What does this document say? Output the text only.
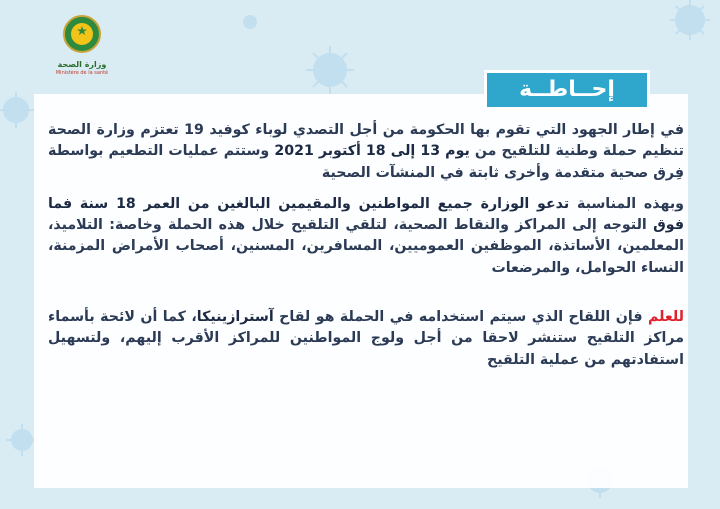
وزارة الصحة
Ministère de la santé
إحــاطــة

في إطار الجهود التي تقوم بها الحكومة من أجل التصدي لوباء كوفيد 19 تعتزم وزارة الصحة تنظيم حملة وطنية للتلقيح من يوم 13 إلى 18 أكتوبر 2021 وستتم عمليات التطعيم بواسطة فِرق صحية متقدمة وأخرى ثابتة في المنشآت الصحية

وبهذه المناسبة تدعو الوزارة جميع المواطنين والمقيمين البالغين من العمر 18 سنة فما فوق التوجه إلى المراكز والنقاط الصحية، لتلقي التلقيح خلال هذه الحملة وخاصة: التلاميذ، المعلمين، الأساتذة، الموظفين العموميين، المسافرين، المسنين، أصحاب الأمراض المزمنة، النساء الحوامل، والمرضعات

للعلم فإن اللقاح الذي سيتم استخدامه في الحملة هو لقاح آسترازينيكا، كما أن لائحة بأسماء مراكز التلقيح ستنشر لاحقا من أجل ولوج المواطنين للمراكز الأقرب إليهم، ولتسهيل استفادتهم من عملية التلقيح
